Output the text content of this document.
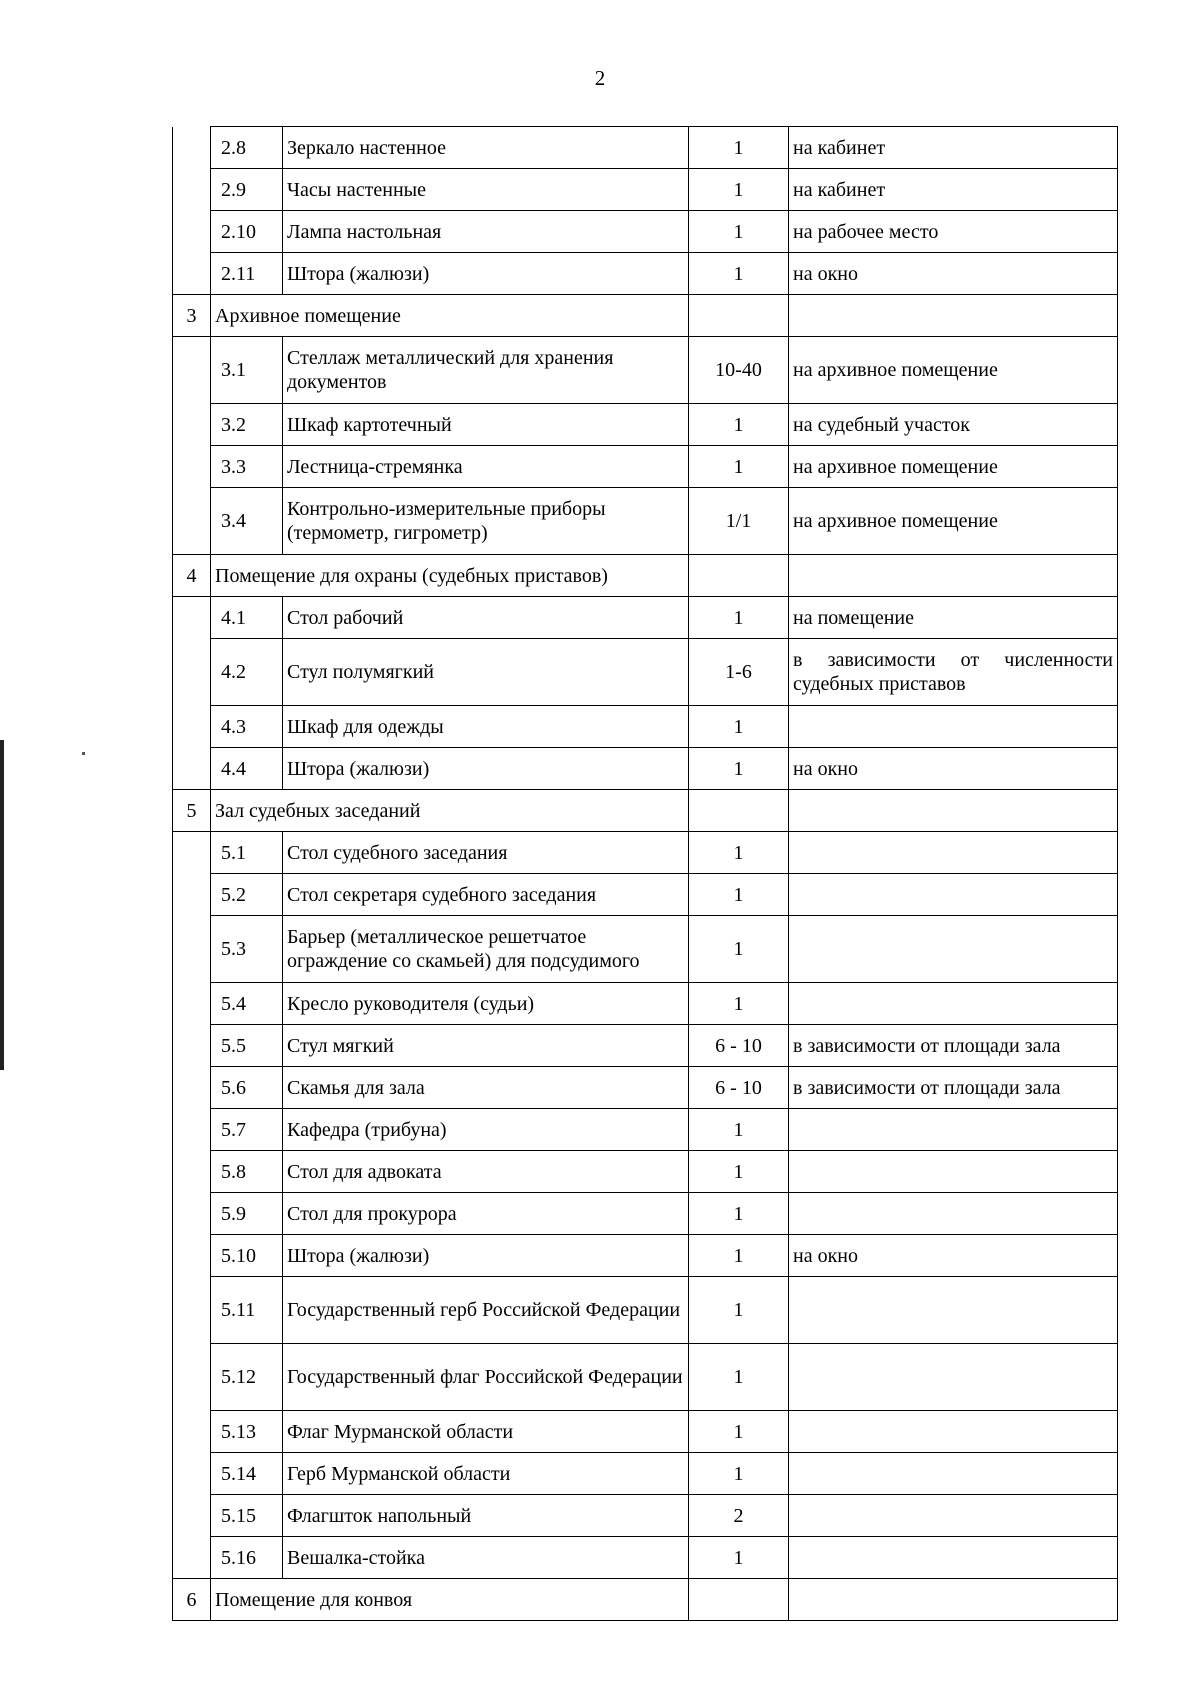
2
	2.8	Зеркало настенное	1	на кабинет
	2.9	Часы настенные	1	на кабинет
	2.10	Лампа настольная	1	на рабочее место
	2.11	Штора (жалюзи)	1	на окно
3	Архивное помещение			
	3.1	Стеллаж металлический для хранения документов	10-40	на архивное помещение
	3.2	Шкаф картотечный	1	на судебный участок
	3.3	Лестница-стремянка	1	на архивное помещение
	3.4	Контрольно-измерительные приборы (термометр, гигрометр)	1/1	на архивное помещение
4	Помещение для охраны (судебных приставов)			
	4.1	Стол рабочий	1	на помещение
	4.2	Стул полумягкий	1-6	в зависимости от численности судебных приставов
	4.3	Шкаф для одежды	1	
	4.4	Штора (жалюзи)	1	на окно
5	Зал судебных заседаний			
	5.1	Стол судебного заседания	1	
	5.2	Стол секретаря судебного заседания	1	
	5.3	Барьер (металлическое решетчатое ограждение со скамьей) для подсудимого	1	
	5.4	Кресло руководителя (судьи)	1	
	5.5	Стул мягкий	6 - 10	в зависимости от площади зала
	5.6	Скамья для зала	6 - 10	в зависимости от площади зала
	5.7	Кафедра (трибуна)	1	
	5.8	Стол для адвоката	1	
	5.9	Стол для прокурора	1	
	5.10	Штора (жалюзи)	1	на окно
	5.11	Государственный герб Российской Федерации	1	
	5.12	Государственный флаг Российской Федерации	1	
	5.13	Флаг Мурманской области	1	
	5.14	Герб Мурманской области	1	
	5.15	Флагшток напольный	2	
	5.16	Вешалка-стойка	1	
6	Помещение для конвоя			
